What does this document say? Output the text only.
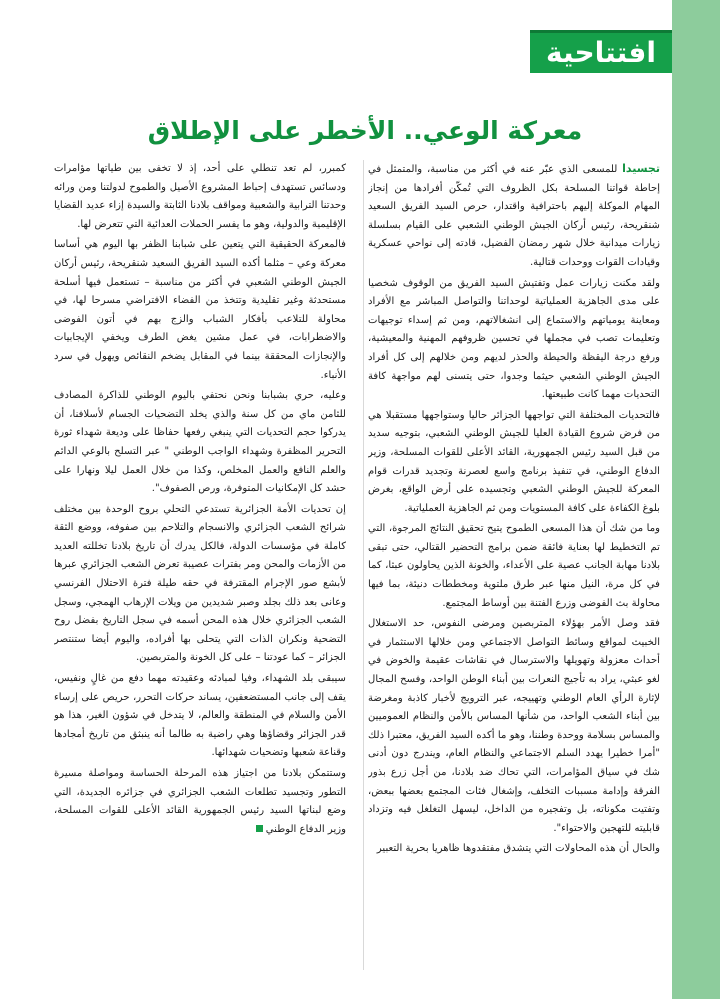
افتتاحية
معركة الوعي.. الأخطر على الإطلاق

تجسيدا للمسعى الذي عبّر عنه في أكثر من مناسبة، والمتمثل في إحاطة قواتنا المسلحة بكل الظروف التي تُمكّن أفرادها من إنجاز المهام الموكلة إليهم باحترافية واقتدار، حرص السيد الفريق السعيد شنقريحة، رئيس أركان الجيش الوطني الشعبي على القيام بسلسلة زيارات ميدانية خلال شهر رمضان الفضيل، قادته إلى نواحي عسكرية وقيادات القوات ووحدات قتالية.

ولقد مكنت زيارات عمل وتفتيش السيد الفريق من الوقوف شخصيا على مدى الجاهزية العملياتية لوحداتنا والتواصل المباشر مع الأفراد ومعاينة يومياتهم والاستماع إلى انشغالاتهم، ومن ثم إسداء توجيهات وتعليمات تصب في مجملها في تحسين ظروفهم المهنية والمعيشية، ورفع درجة اليقظة والحيطة والحذر لديهم ومن خلالهم إلى كل أفراد الجيش الوطني الشعبي حيثما وجدوا، حتى يتسنى لهم مواجهة كافة التحديات مهما كانت طبيعتها.

فالتحديات المختلفة التي تواجهها الجزائر حاليا وستواجهها مستقبلا هي من فرض شروع القيادة العليا للجيش الوطني الشعبي، بتوجيه سديد من قبل السيد رئيس الجمهورية، القائد الأعلى للقوات المسلحة، وزير الدفاع الوطني، في تنفيذ برنامج واسع لعصرنة وتجديد قدرات قوام المعركة للجيش الوطني الشعبي وتجسيده على أرض الواقع، بغرض بلوغ الكفاءة على كافة المستويات ومن ثم الجاهزية العملياتية.

وما من شك أن هذا المسعى الطموح يتيح تحقيق النتائج المرجوة، التي تم التخطيط لها بعناية فائقة ضمن برامج التحضير القتالي، حتى تبقى بلادنا مهابة الجانب عصية على الأعداء، والخونة الذين يحاولون عبثا، كما في كل مرة، النيل منها عبر طرق ملتوية ومخططات دنيئة، بما فيها محاولة بث الفوضى وزرع الفتنة بين أوساط المجتمع.

فقد وصل الأمر بهؤلاء المتربصين ومرضى النفوس، حد الاستغلال الخبيث لمواقع وسائط التواصل الاجتماعي ومن خلالها الاستثمار في أحداث معزولة وتهويلها والاسترسال في نقاشات عقيمة والخوض في لغو عبثي، يراد به تأجيج النعرات بين أبناء الوطن الواحد، وفسح المجال لإثارة الرأي العام الوطني وتهييجه، عبر الترويج لأخبار كاذبة ومغرضة بين أبناء الشعب الواحد، من شأنها المساس بالأمن والنظام العموميين والمساس بسلامة ووحدة وطننا، وهو ما أكده السيد الفريق، معتبرا ذلك "أمرا خطيرا يهدد السلم الاجتماعي والنظام العام، ويندرج دون أدنى شك في سياق المؤامرات، التي تحاك ضد بلادنا، من أجل زرع بذور الفرقة وإدامة مسببات التخلف، وإشغال فئات المجتمع بعضها ببعض، وتفتيت مكوناته، بل وتفجيره من الداخل، ليسهل التغلغل فيه وتزداد قابليته للتهجين والاحتواء".

والحال أن هذه المحاولات التي يتشدق مفتقدوها ظاهريا بحرية التعبير

كمبرر، لم تعد تنطلي على أحد، إذ لا تخفى بين طياتها مؤامرات ودسائس تستهدف إحباط المشروع الأصيل والطموح لدولتنا ومن ورائه وحدتنا الترابية والشعبية ومواقف بلادنا الثابتة والسيدة إزاء عديد القضايا الإقليمية والدولية، وهو ما يفسر الحملات العدائية التي تتعرض لها.

فالمعركة الحقيقية التي يتعين على شبابنا الظفر بها اليوم هي أساسا معركة وعي – مثلما أكده السيد الفريق السعيد شنقريحة، رئيس أركان الجيش الوطني الشعبي في أكثر من مناسبة – تستعمل فيها أسلحة مستحدثة وغير تقليدية وتتخذ من الفضاء الافتراضي مسرحا لها، في محاولة للتلاعب بأفكار الشباب والزج بهم في أتون الفوضى والاضطرابات، في عمل مشين يغض الطرف ويخفي الإيجابيات والإنجازات المحققة بينما في المقابل يضخم النقائص ويهول في سرد الأنباء.

وعليه، حري بشبابنا ونحن نحتفي باليوم الوطني للذاكرة المصادف للثامن ماي من كل سنة والذي يخلد التضحيات الجسام لأسلافنا، أن يدركوا حجم التحديات التي ينبغي رفعها حفاظا على وديعة شهداء ثورة التحرير المظفرة وشهداء الواجب الوطني " عبر التسلح بالوعي الدائم والعلم النافع والعمل المخلص، وكذا من خلال العمل ليلا ونهارا على حشد كل الإمكانيات المتوفرة، ورص الصفوف".

إن تحديات الأمة الجزائرية تستدعي التحلي بروح الوحدة بين مختلف شرائح الشعب الجزائري والانسجام والتلاحم بين صفوفه، ووضع الثقة كاملة في مؤسسات الدولة، فالكل يدرك أن تاريخ بلادنا تخللته العديد من الأزمات والمحن ومر بفترات عصيبة تعرض الشعب الجزائري عبرها لأبشع صور الإجرام المقترفة في حقه طيلة فترة الاحتلال الفرنسي وعانى بعد ذلك بجلد وصبر شديدين من ويلات الإرهاب الهمجي، وسجل الشعب الجزائري خلال هذه المحن أسمه في سجل التاريخ بفضل روح التضحية ونكران الذات التي يتحلى بها أفراده، واليوم أيضا ستنتصر الجزائر – كما عودتنا – على كل الخونة والمتربصين.

سيبقى بلد الشهداء، وفيا لمبادئه وعقيدته مهما دفع من غالٍ ونفيس، يقف إلى جانب المستضعفين، يساند حركات التحرر، حريص على إرساء الأمن والسلام في المنطقة والعالم، لا يتدخل في شؤون الغير، هذا هو قدر الجزائر وقضاؤها وهي راضية به طالما أنه ينبثق من تاريخ أمجادها وقناعة شعبها وتضحيات شهدائها.

وستتمكن بلادنا من اجتياز هذه المرحلة الحساسة ومواصلة مسيرة التطور وتجسيد تطلعات الشعب الجزائري في جزائره الجديدة، التي وضع لبناتها السيد رئيس الجمهورية القائد الأعلى للقوات المسلحة، وزير الدفاع الوطني
